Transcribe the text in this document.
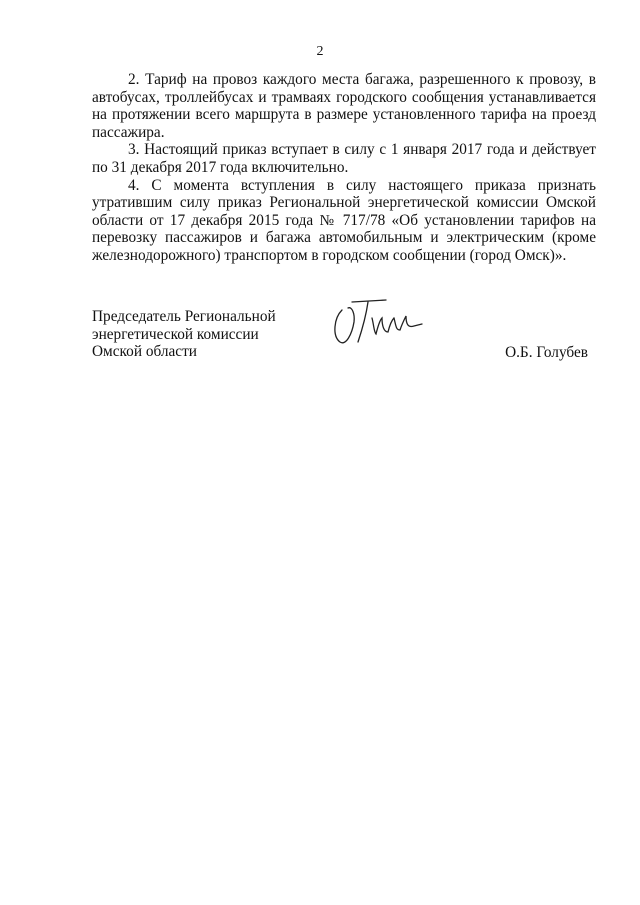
2

2. Тариф на провоз каждого места багажа, разрешенного к провозу, в автобусах, троллейбусах и трамваях городского сообщения устанавливается на протяжении всего маршрута в размере установленного тарифа на проезд пассажира.

3. Настоящий приказ вступает в силу с 1 января 2017 года и действует по 31 декабря 2017 года включительно.

4. С момента вступления в силу настоящего приказа признать утратившим силу приказ Региональной энергетической комиссии Омской области от 17 декабря 2015 года № 717/78 «Об установлении тарифов на перевозку пассажиров и багажа автомобильным и электрическим (кроме железнодорожного) транспортом в городском сообщении (город Омск)».

Председатель Региональной
энергетической комиссии
Омской области	О.Б. Голубев
